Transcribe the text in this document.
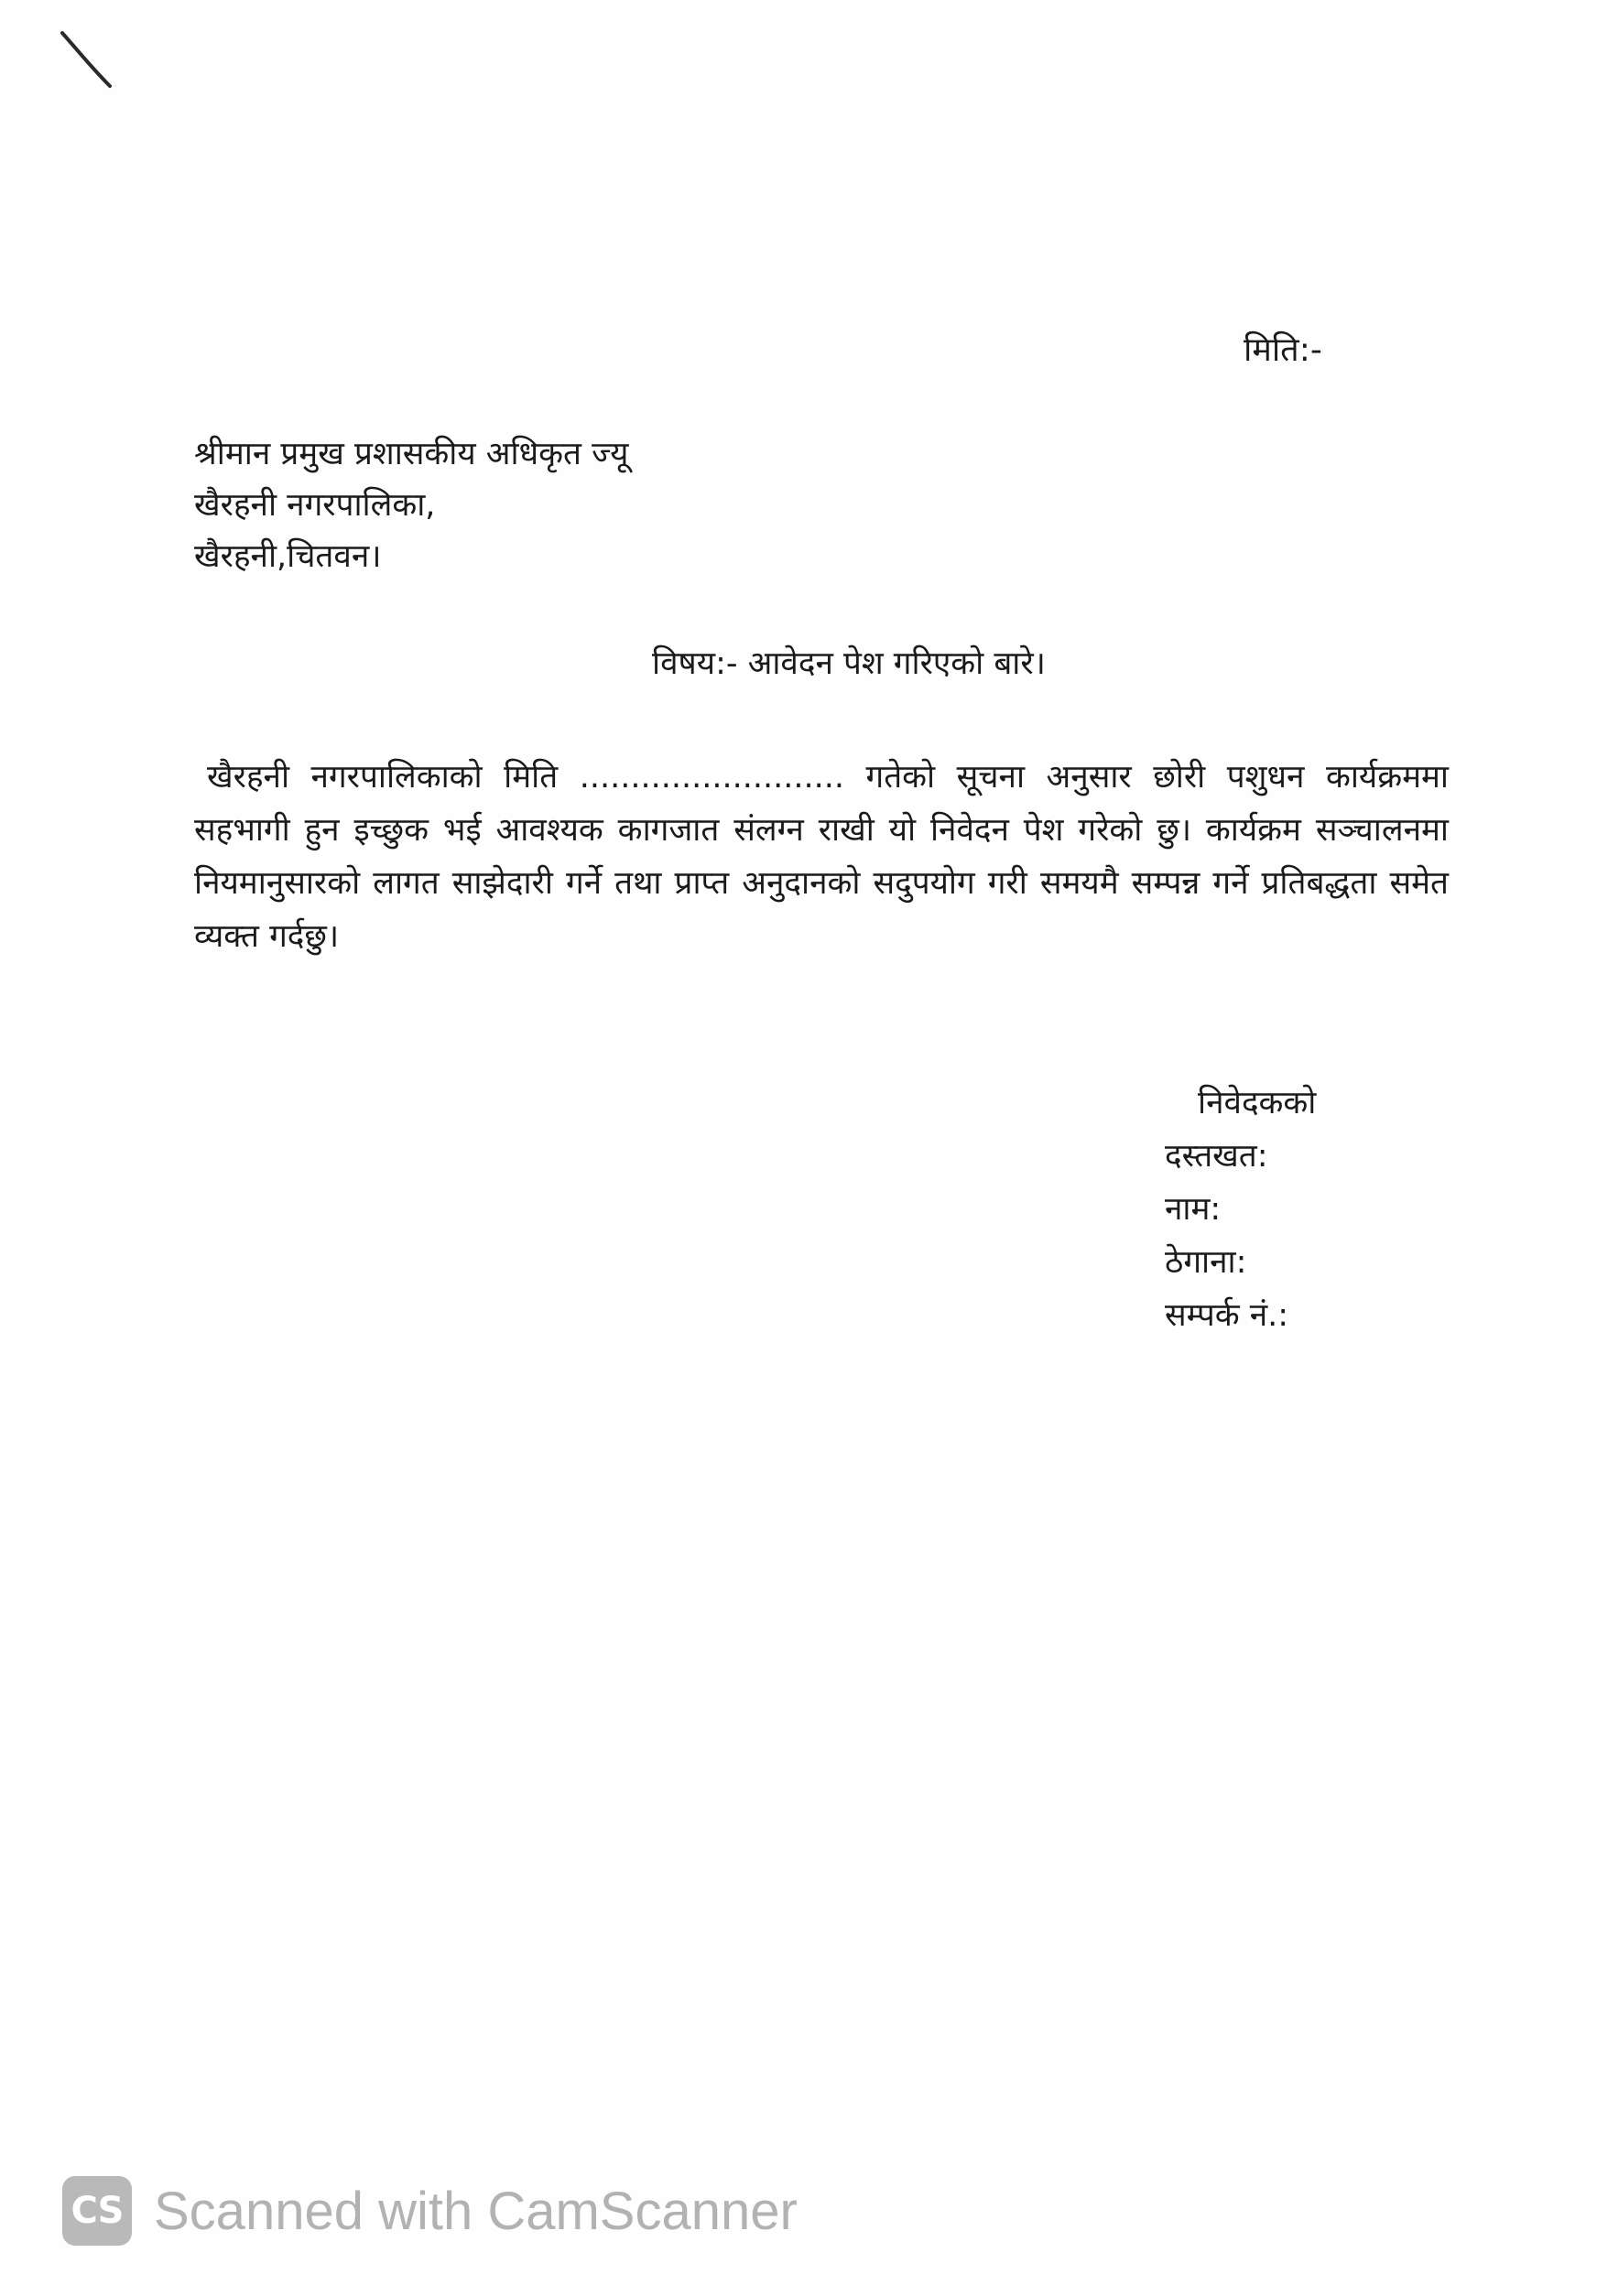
मिति:-
श्रीमान प्रमुख प्रशासकीय अधिकृत ज्यू
खैरहनी नगरपालिका,
खैरहनी,चितवन।
विषय:- आवेदन पेश गरिएको बारे।

खैरहनी नगरपालिकाको मिति .......................... गतेको सूचना अनुसार छोरी पशुधन कार्यक्रममा सहभागी हुन इच्छुक भई आवश्यक कागजात संलग्न राखी यो निवेदन पेश गरेको छु। कार्यक्रम सञ्चालनमा नियमानुसारको लागत साझेदारी गर्ने तथा प्राप्त अनुदानको सदुपयोग गरी समयमै सम्पन्न गर्ने प्रतिबद्धता समेत व्यक्त गर्दछु।

निवेदकको
दस्तखत:
नाम:
ठेगाना:
सम्पर्क नं.:
CS Scanned with CamScanner
